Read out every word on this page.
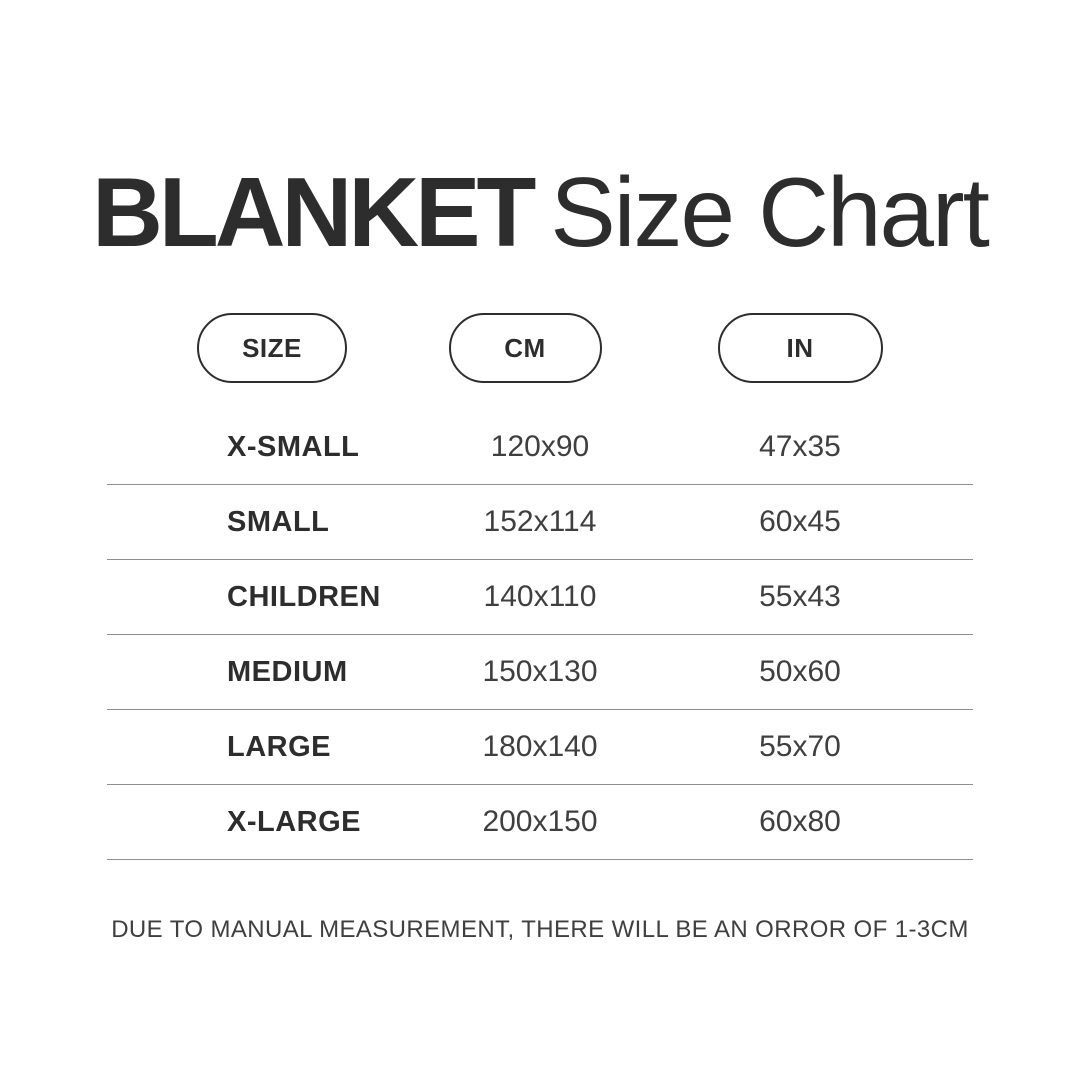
BLANKET Size Chart
SIZE	CM	IN
X-SMALL	120x90	47x35
SMALL	152x114	60x45
CHILDREN	140x110	55x43
MEDIUM	150x130	50x60
LARGE	180x140	55x70
X-LARGE	200x150	60x80
DUE TO MANUAL MEASUREMENT, THERE WILL BE AN ORROR OF 1-3CM
